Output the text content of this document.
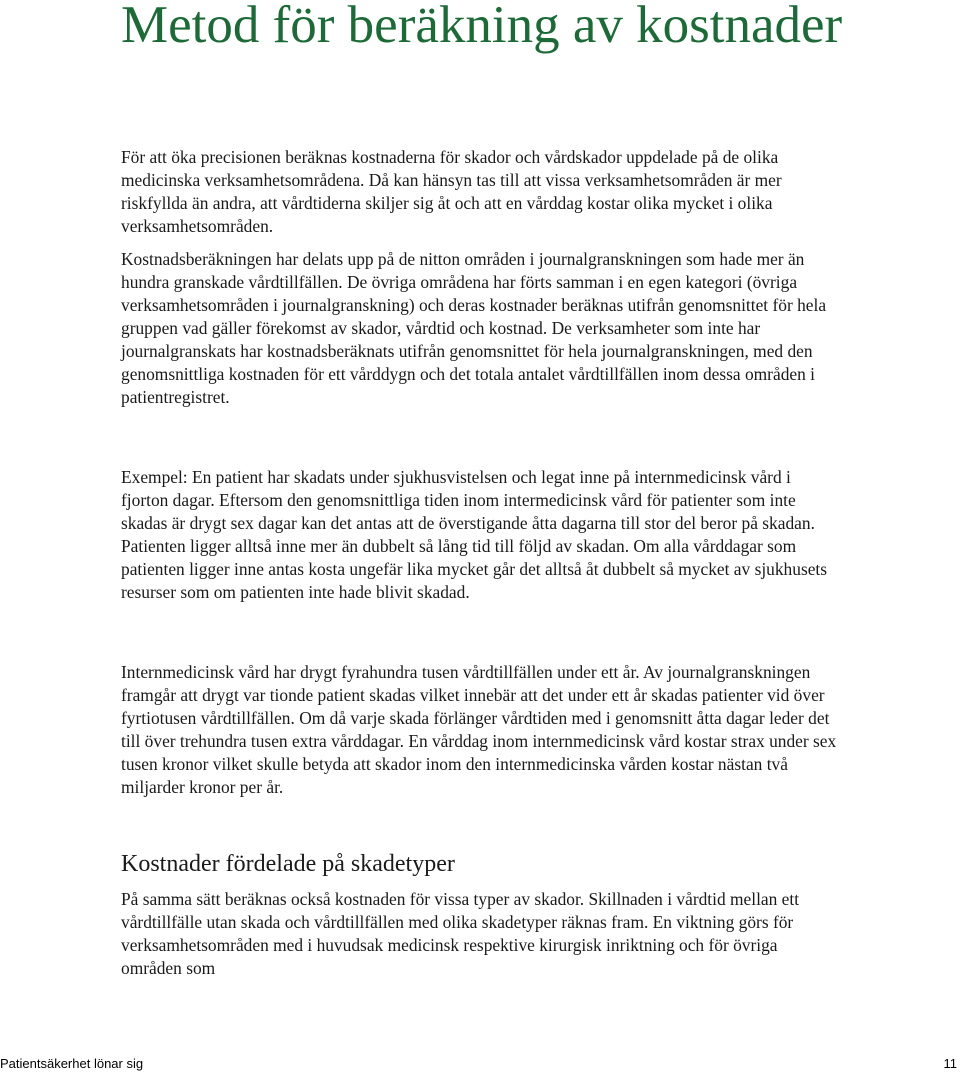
Metod för beräkning av kostnader

För att öka precisionen beräknas kostnaderna för skador och vårdskador uppdelade på de olika medicinska verksamhetsområdena. Då kan hänsyn tas till att vissa verksamhetsområden är mer riskfyllda än andra, att vårdtiderna skiljer sig åt och att en vårddag kostar olika mycket i olika verksamhetsområden.

Kostnadsberäkningen har delats upp på de nitton områden i journalgranskningen som hade mer än hundra granskade vårdtillfällen. De övriga områdena har förts samman i en egen kategori (övriga verksamhetsområden i journalgranskning) och deras kostnader beräknas utifrån genomsnittet för hela gruppen vad gäller förekomst av skador, vårdtid och kostnad. De verksamheter som inte har journalgranskats har kostnadsberäknats utifrån genomsnittet för hela journalgranskningen, med den genomsnittliga kostnaden för ett vårddygn och det totala antalet vårdtillfällen inom dessa områden i patientregistret.

Exempel: En patient har skadats under sjukhusvistelsen och legat inne på internmedicinsk vård i fjorton dagar. Eftersom den genomsnittliga tiden inom intermedicinsk vård för patienter som inte skadas är drygt sex dagar kan det antas att de överstigande åtta dagarna till stor del beror på skadan. Patienten ligger alltså inne mer än dubbelt så lång tid till följd av skadan. Om alla vårddagar som patienten ligger inne antas kosta ungefär lika mycket går det alltså åt dubbelt så mycket av sjukhusets resurser som om patienten inte hade blivit skadad.

Internmedicinsk vård har drygt fyrahundra tusen vårdtillfällen under ett år. Av journalgranskningen framgår att drygt var tionde patient skadas vilket innebär att det under ett år skadas patienter vid över fyrtiotusen vårdtillfällen. Om då varje skada förlänger vårdtiden med i genomsnitt åtta dagar leder det till över trehundra tusen extra vårddagar. En vårddag inom internmedicinsk vård kostar strax under sex tusen kronor vilket skulle betyda att skador inom den internmedicinska vården kostar nästan två miljarder kronor per år.

Kostnader fördelade på skadetyper

På samma sätt beräknas också kostnaden för vissa typer av skador. Skillnaden i vårdtid mellan ett vårdtillfälle utan skada och vårdtillfällen med olika skadetyper räknas fram. En viktning görs för verksamhetsområden med i huvudsak medicinsk respektive kirurgisk inriktning och för övriga områden som

Patientsäkerhet lönar sig	11
